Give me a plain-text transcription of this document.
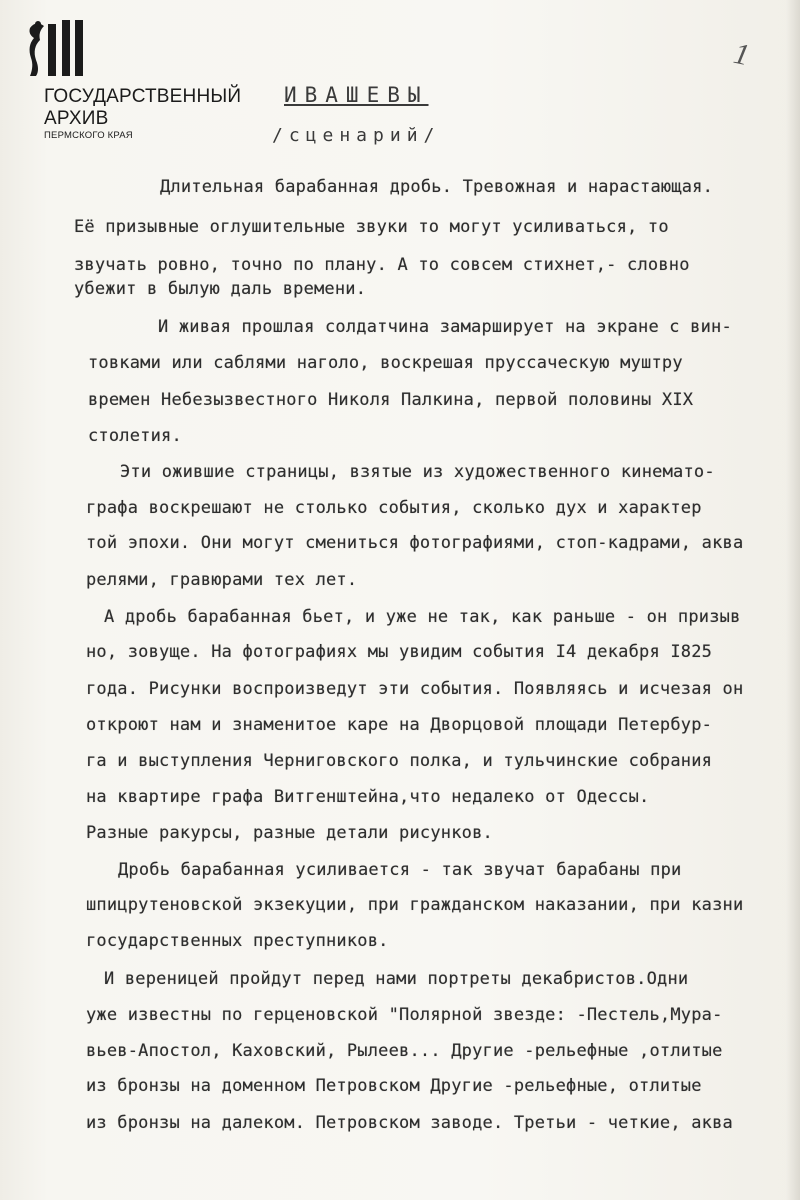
ГОСУДАРСТВЕННЫЙ
АРХИВ
ПЕРМСКОГО КРАЯ
1
ИВАШЕВЫ
/сценарий/
Длительная барабанная дробь. Тревожная и нарастающая.
Её призывные оглушительные звуки то могут усиливаться, то
звучать ровно, точно по плану. А то совсем стихнет,- словно
убежит в былую даль времени.
И живая прошлая солдатчина замарширует на экране с вин-
товками или саблями наголо, воскрешая пруссаческую муштру
времен Небезызвестного Николя Палкина, первой половины XIX
столетия.
Эти ожившие страницы, взятые из художественного кинемато-
графа воскрешают не столько события, сколько дух и характер
той эпохи. Они могут смениться фотографиями, стоп-кадрами, аква
релями, гравюрами тех лет.
А дробь барабанная бьет, и уже не так, как раньше - он призыв
но, зовуще. На фотографиях мы увидим события I4 декабря I825
года. Рисунки воспроизведут эти события. Появляясь и исчезая он
откроют нам и знаменитое каре на Дворцовой площади Петербур-
га и выступления Черниговского полка, и тульчинские собрания
на квартире графа Витгенштейна,что недалеко от Одессы.
Разные ракурсы, разные детали рисунков.
Дробь барабанная усиливается - так звучат барабаны при
шпицрутеновской экзекуции, при гражданском наказании, при казни
государственных преступников.
И вереницей пройдут перед нами портреты декабристов.Одни
уже известны по герценовской "Полярной звезде: -Пестель,Мура-
вьев-Апостол, Каховский, Рылеев... Другие -рельефные ,отлитые
из бронзы на доменном Петровском Другие -рельефные, отлитые
из бронзы на далеком. Петровском заводе. Третьи - четкие, аква
